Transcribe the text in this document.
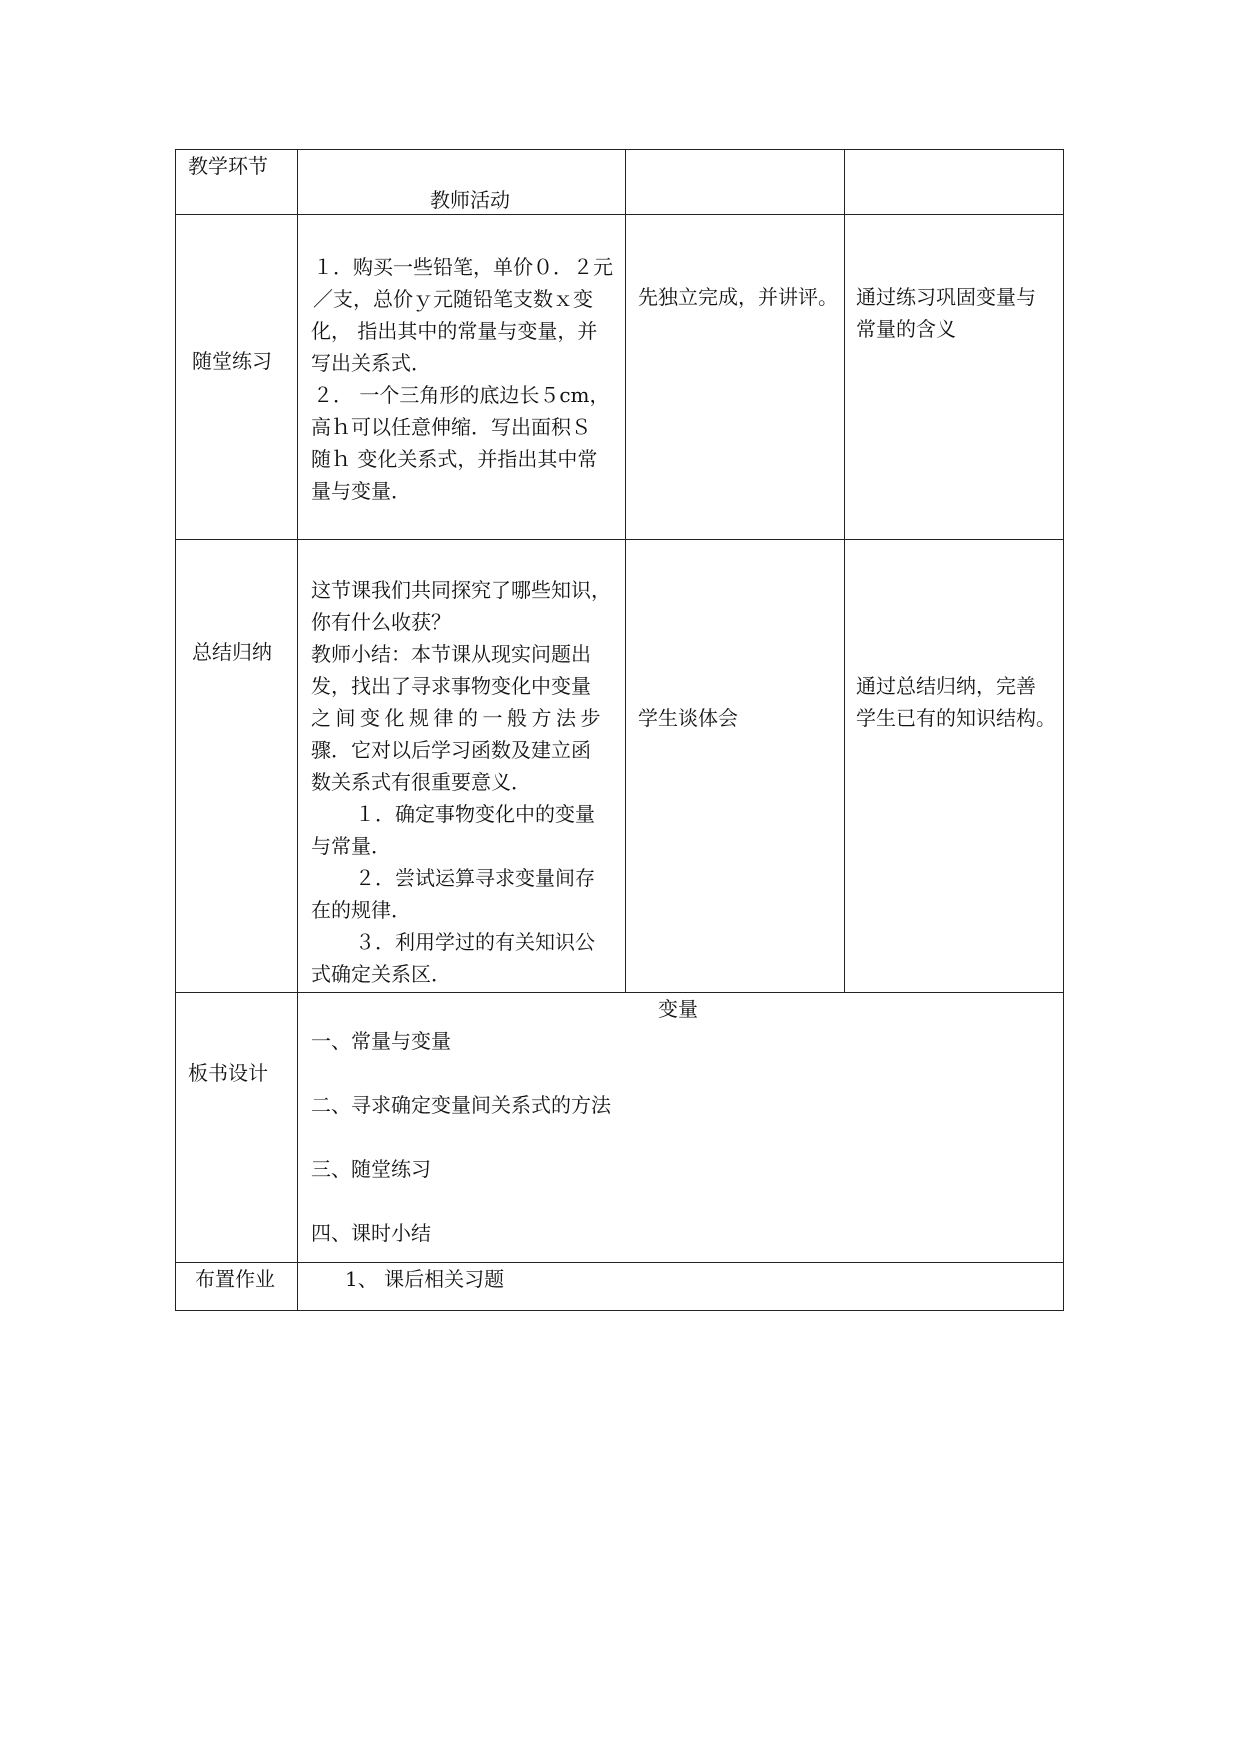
教学环节
教师活动
随堂练习
１．购买一些铅笔，单价０．２元
／支，总价ｙ元随铅笔支数ｘ变
化， 指出其中的常量与变量，并
写出关系式．
２． 一个三角形的底边长５cm，
高ｈ可以任意伸缩．写出面积Ｓ
随ｈ 变化关系式，并指出其中常
量与变量．
先独立完成，并讲评。 通过练习巩固变量与
常量的含义
总结归纳
这节课我们共同探究了哪些知识，
你有什么收获？
教师小结：本节课从现实问题出
发，找出了寻求事物变化中变量
之间变化规律的一般方法步
骤．它对以后学习函数及建立函
数关系式有很重要意义．
１．确定事物变化中的变量
与常量．
２．尝试运算寻求变量间存
在的规律．
３．利用学过的有关知识公
式确定关系区．
学生谈体会
通过总结归纳，完善
学生已有的知识结构。
板书设计
变量
一、常量与变量
二、寻求确定变量间关系式的方法
三、随堂练习
四、课时小结
布置作业	1、 课后相关习题
